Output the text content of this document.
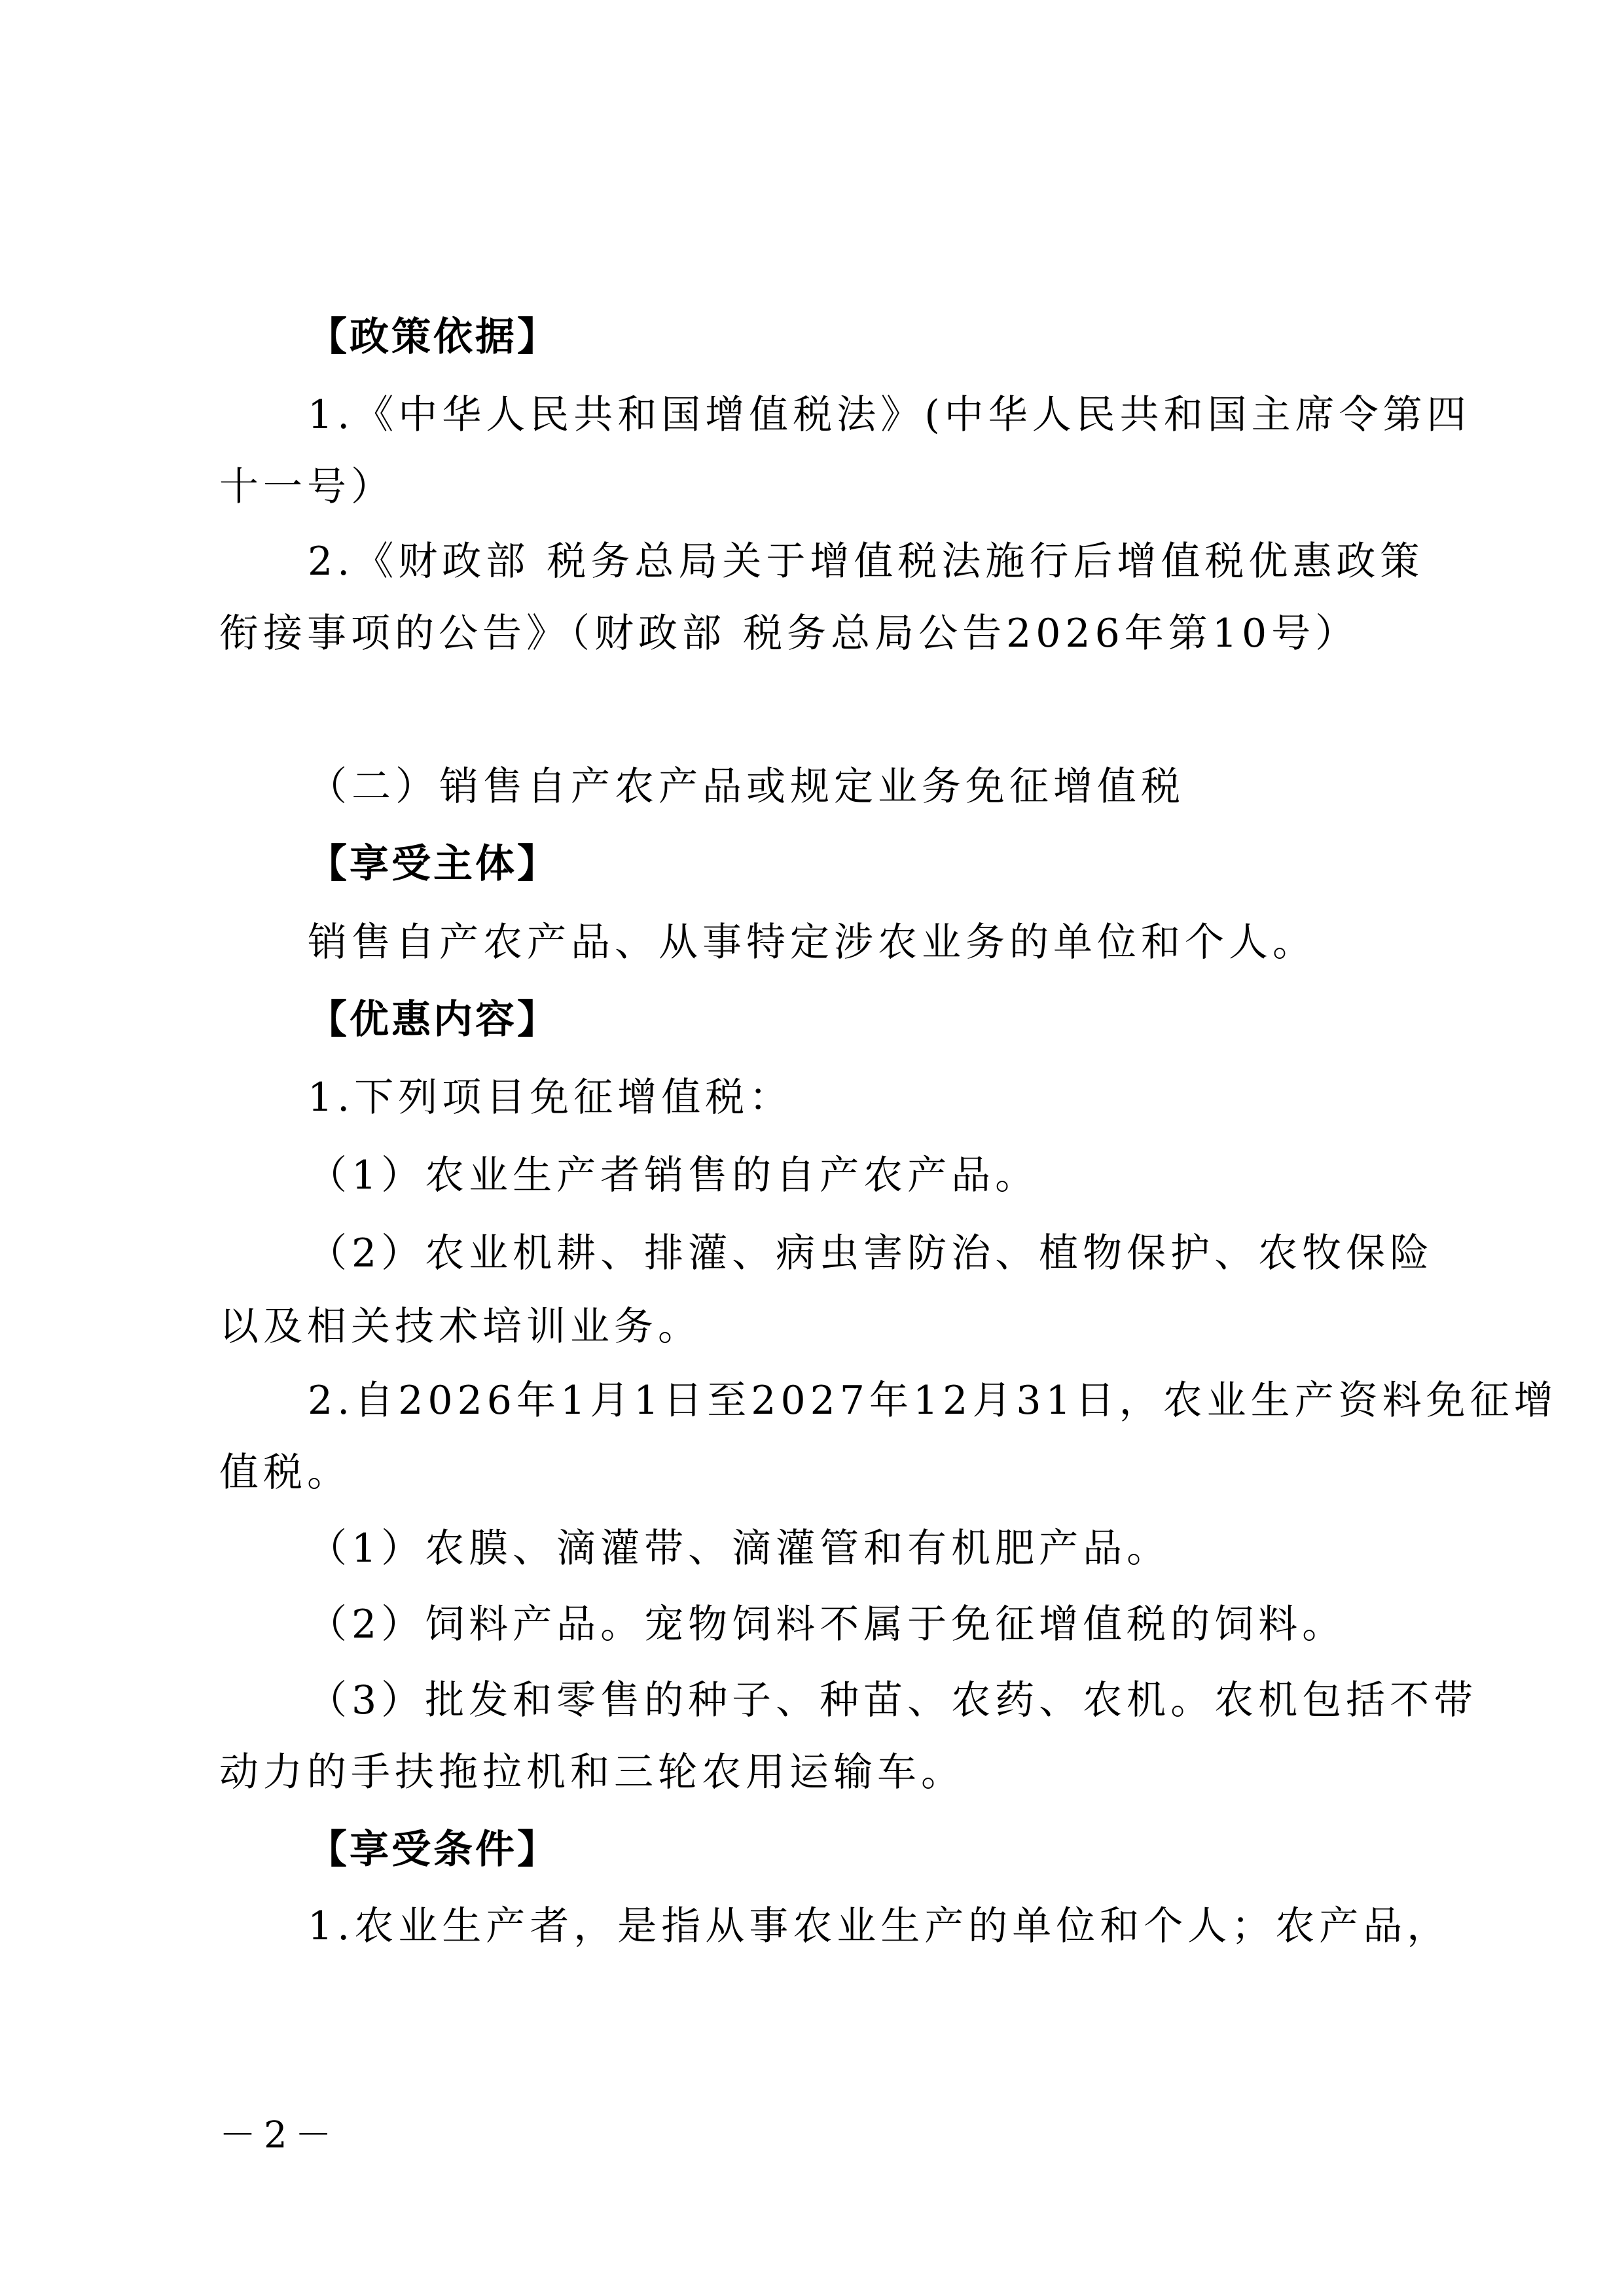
【政策依据】
1.《中华人民共和国增值税法》(中华人民共和国主席令第四
十一号）
2.《财政部 税务总局关于增值税法施行后增值税优惠政策
衔接事项的公告》（财政部 税务总局公告2026年第10号）
（二）销售自产农产品或规定业务免征增值税
【享受主体】
销售自产农产品、从事特定涉农业务的单位和个人。
【优惠内容】
1.下列项目免征增值税：
（1）农业生产者销售的自产农产品。
（2）农业机耕、排灌、病虫害防治、植物保护、农牧保险
以及相关技术培训业务。
2.自2026年1月1日至2027年12月31日，农业生产资料免征增
值税。
（1）农膜、滴灌带、滴灌管和有机肥产品。
（2）饲料产品。宠物饲料不属于免征增值税的饲料。
（3）批发和零售的种子、种苗、农药、农机。农机包括不带
动力的手扶拖拉机和三轮农用运输车。
【享受条件】
1.农业生产者，是指从事农业生产的单位和个人；农产品，
－2－
